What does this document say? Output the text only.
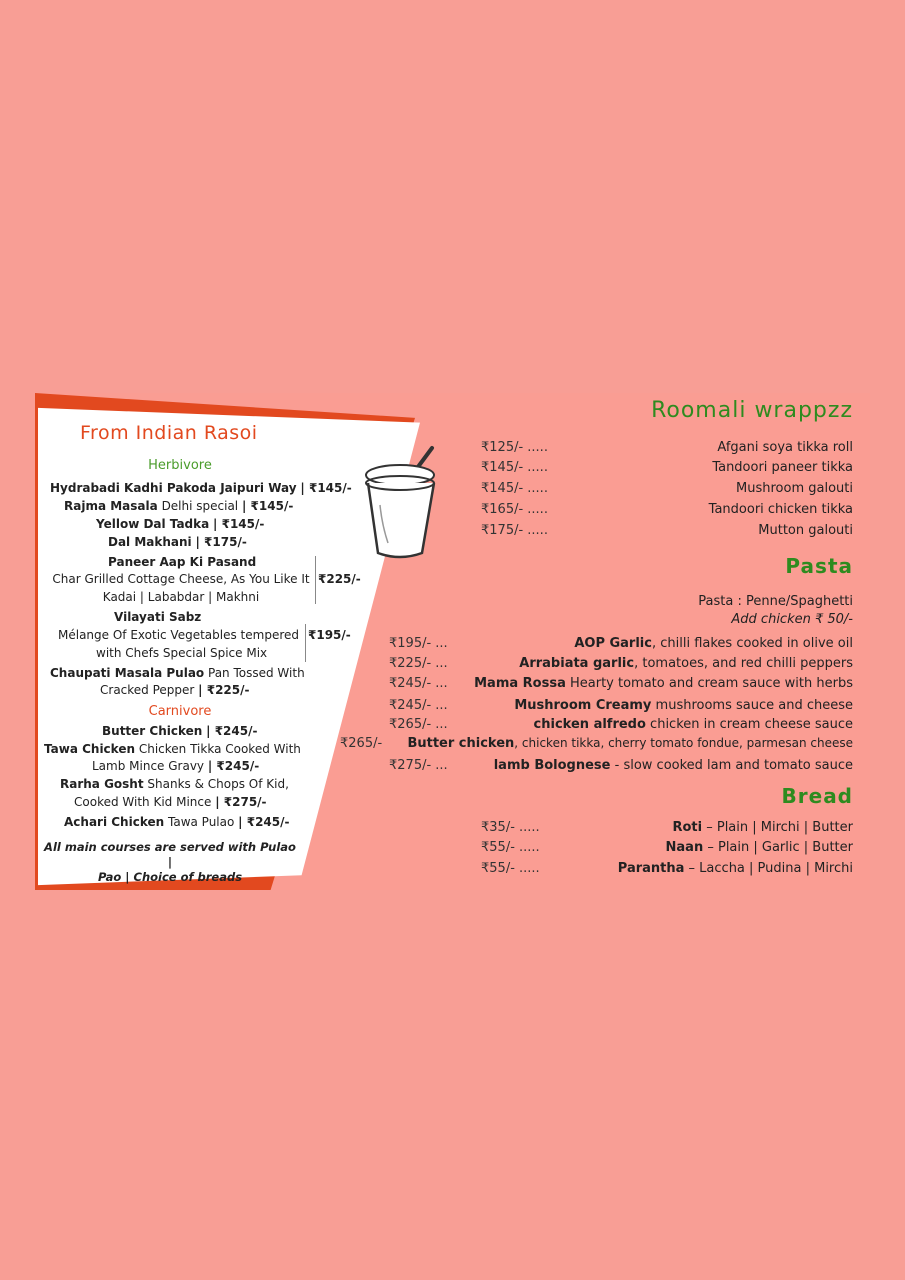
From Indian Rasoi
Herbivore
Hydrabadi Kadhi Pakoda Jaipuri Way | ₹145/-
Rajma Masala Delhi special | ₹145/-
Yellow Dal Tadka | ₹145/-
Dal Makhani | ₹175/-
Paneer Aap Ki Pasand
Char Grilled Cottage Cheese, As You Like It
Kadai | Lababdar | Makhni
₹225/-
Vilayati Sabz
Mélange Of Exotic Vegetables tempered
with Chefs Special Spice Mix
₹195/-
Chaupati Masala Pulao Pan Tossed With
Cracked Pepper | ₹225/-
Carnivore
Butter Chicken | ₹245/-
Tawa Chicken Chicken Tikka Cooked With
Lamb Mince Gravy | ₹245/-
Rarha Gosht Shanks & Chops Of Kid,
Cooked With Kid Mince | ₹275/-
Achari Chicken Tawa Pulao | ₹245/-
All main courses are served with Pulao |
Pao | Choice of breads
Roomali wrappzz
₹125/- .....	Afgani soya tikka roll
₹145/- .....	Tandoori paneer tikka
₹145/- .....	Mushroom galouti
₹165/- .....	Tandoori chicken tikka
₹175/- .....	Mutton galouti
Pasta
Pasta : Penne/Spaghetti
Add chicken ₹ 50/-
₹195/- ...	AOP Garlic, chilli flakes cooked in olive oil
₹225/- ...	Arrabiata garlic, tomatoes, and red chilli peppers
₹245/- ... Mama Rossa Hearty tomato and cream sauce with herbs
₹245/- ...	Mushroom Creamy mushrooms sauce and cheese
₹265/- ...	chicken alfredo chicken in cream cheese sauce
₹265/- Butter chicken, chicken tikka, cherry tomato fondue, parmesan cheese
₹275/- ...	lamb Bolognese - slow cooked lam and tomato sauce
Bread
₹35/- .....	Roti – Plain | Mirchi | Butter
₹55/- .....	Naan – Plain | Garlic | Butter
₹55/- .....	Parantha – Laccha | Pudina | Mirchi
